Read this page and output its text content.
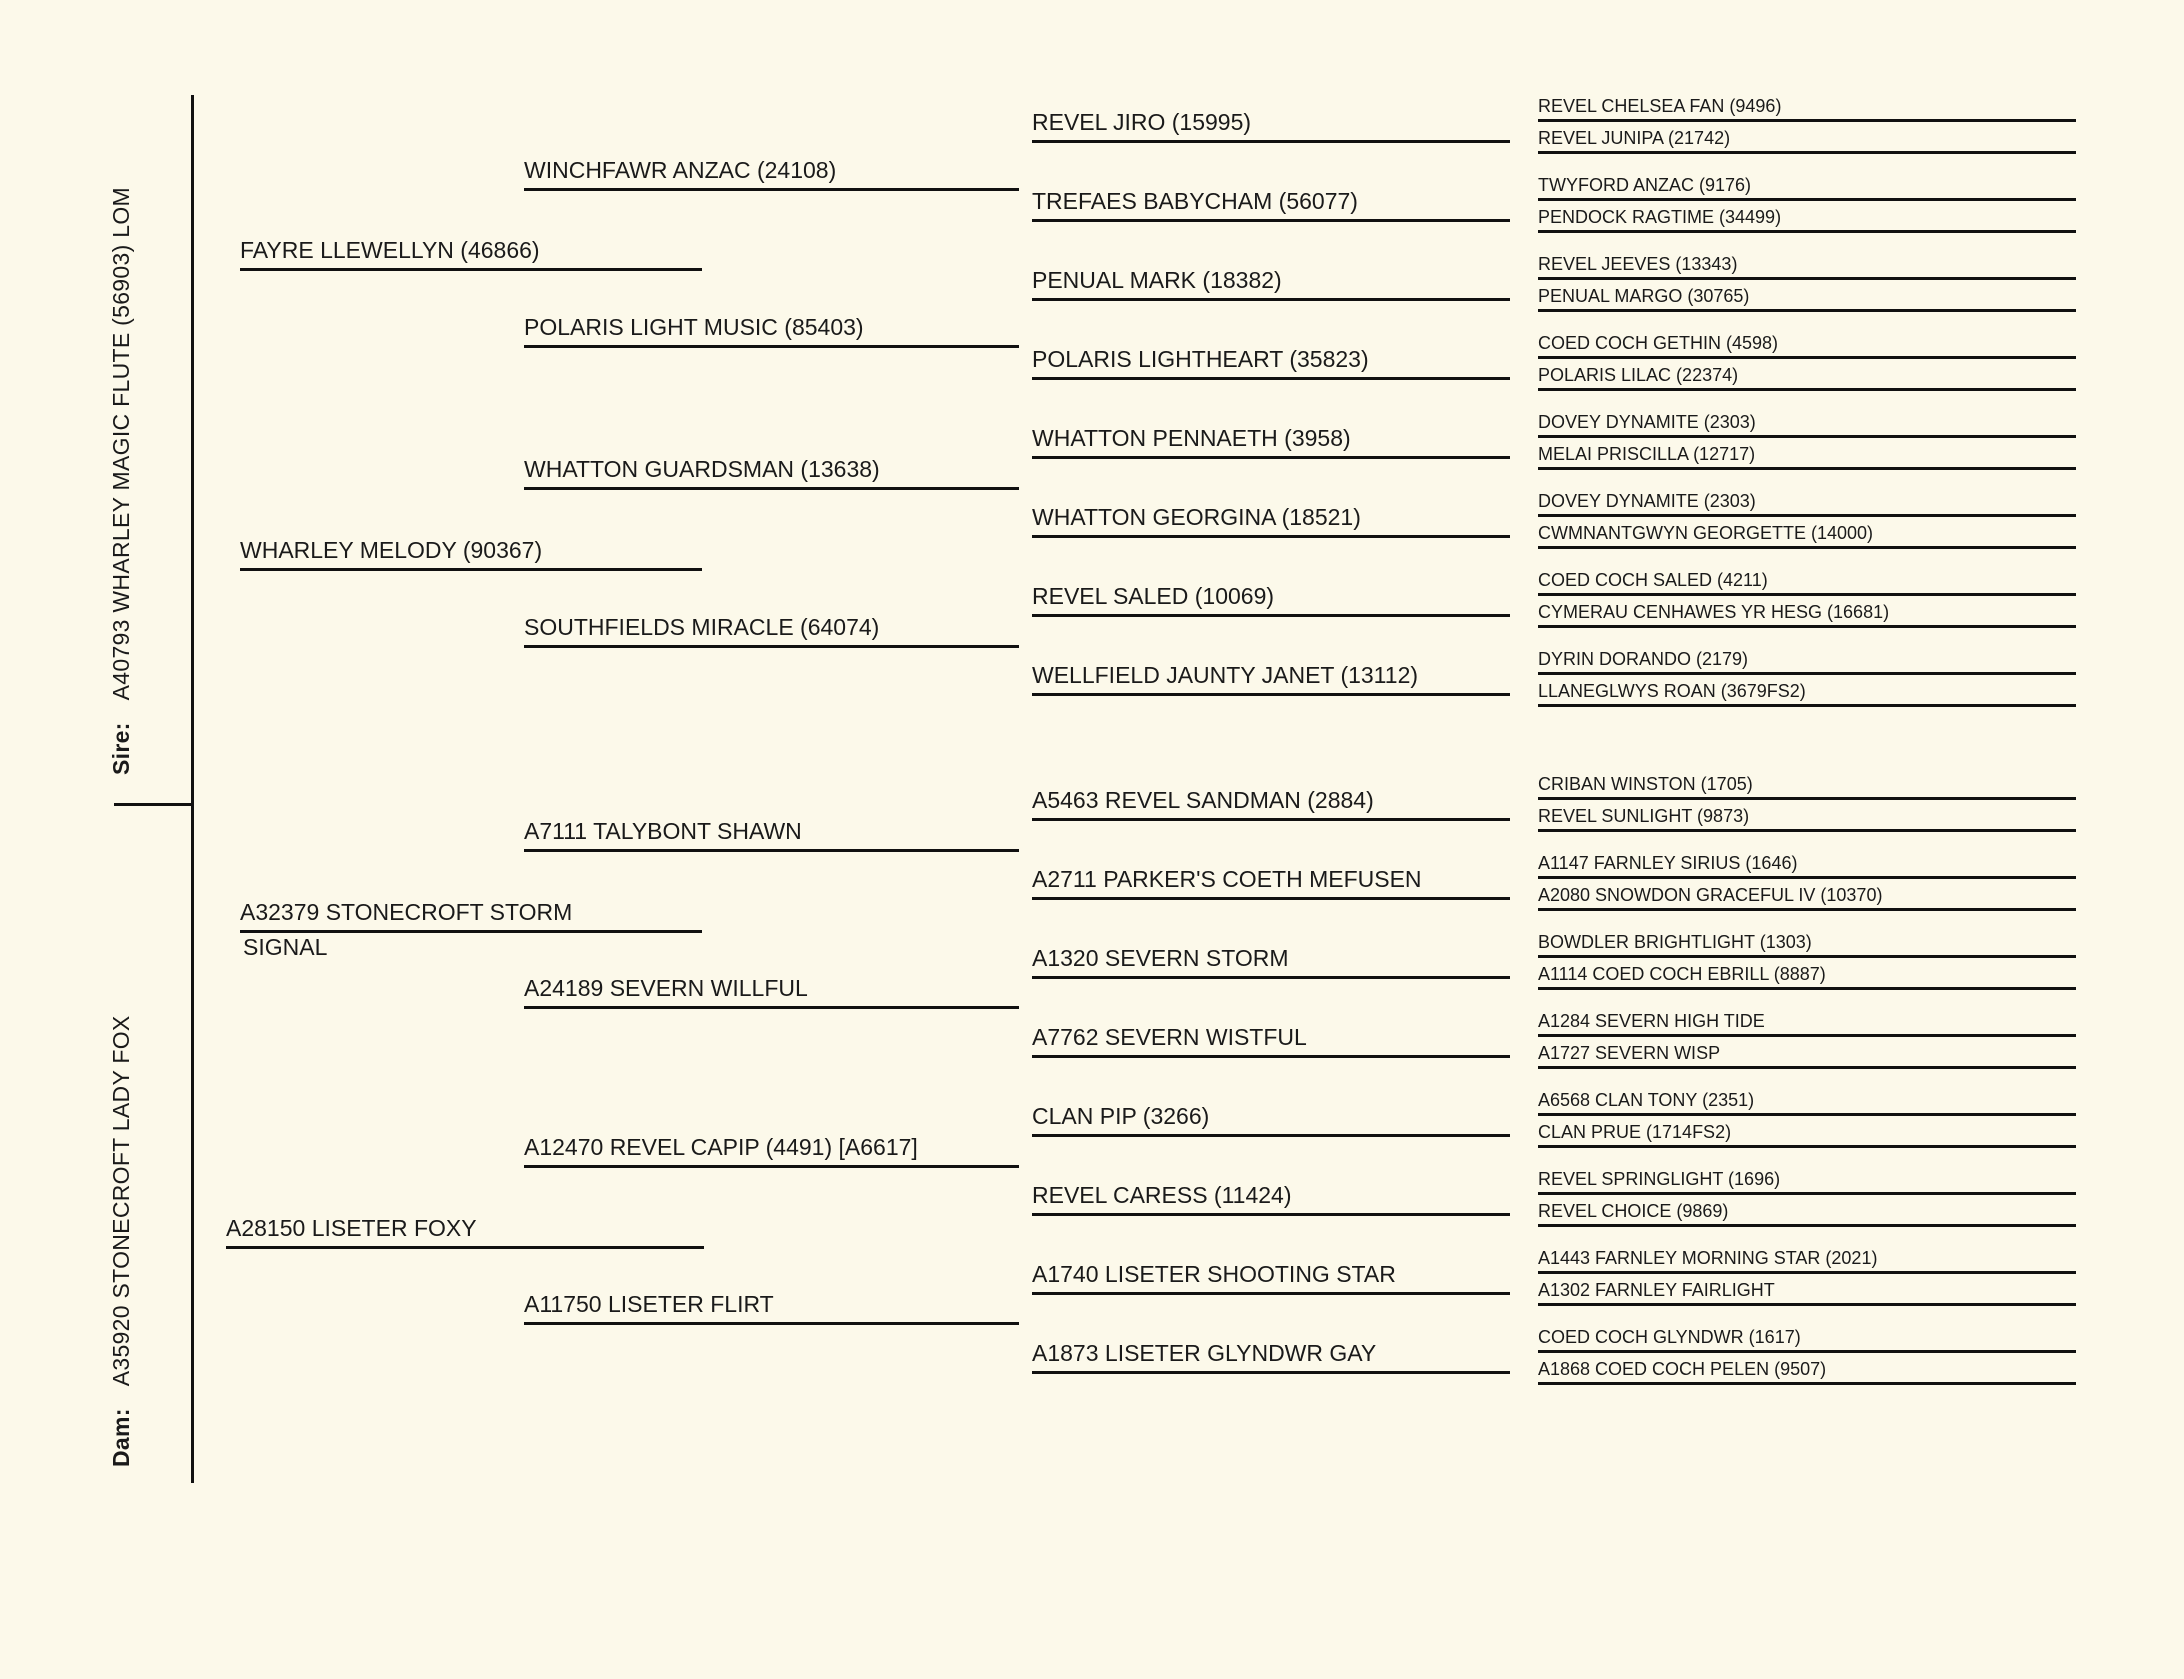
Sire:A40793 WHARLEY MAGIC FLUTE (56903) LOM
Dam:A35920 STONECROFT LADY FOX
FAYRE LLEWELLYN (46866)
WHARLEY MELODY (90367)
A32379 STONECROFT STORM
SIGNAL
A28150 LISETER FOXY
WINCHFAWR ANZAC (24108)
POLARIS LIGHT MUSIC (85403)
WHATTON GUARDSMAN (13638)
SOUTHFIELDS MIRACLE (64074)
A7111 TALYBONT SHAWN
A24189 SEVERN WILLFUL
A12470 REVEL CAPIP (4491) [A6617]
A11750 LISETER FLIRT
REVEL JIRO (15995)
TREFAES BABYCHAM (56077)
PENUAL MARK (18382)
POLARIS LIGHTHEART (35823)
WHATTON PENNAETH (3958)
WHATTON GEORGINA (18521)
REVEL SALED (10069)
WELLFIELD JAUNTY JANET (13112)
A5463 REVEL SANDMAN (2884)
A2711 PARKER'S COETH MEFUSEN
A1320 SEVERN STORM
A7762 SEVERN WISTFUL
CLAN PIP (3266)
REVEL CARESS (11424)
A1740 LISETER SHOOTING STAR
A1873 LISETER GLYNDWR GAY
REVEL CHELSEA FAN (9496)
REVEL JUNIPA (21742)
TWYFORD ANZAC (9176)
PENDOCK RAGTIME (34499)
REVEL JEEVES (13343)
PENUAL MARGO (30765)
COED COCH GETHIN (4598)
POLARIS LILAC (22374)
DOVEY DYNAMITE (2303)
MELAI PRISCILLA (12717)
DOVEY DYNAMITE (2303)
CWMNANTGWYN GEORGETTE (14000)
COED COCH SALED (4211)
CYMERAU CENHAWES YR HESG (16681)
DYRIN DORANDO (2179)
LLANEGLWYS ROAN (3679FS2)
CRIBAN WINSTON (1705)
REVEL SUNLIGHT (9873)
A1147 FARNLEY SIRIUS (1646)
A2080 SNOWDON GRACEFUL IV (10370)
BOWDLER BRIGHTLIGHT (1303)
A1114 COED COCH EBRILL (8887)
A1284 SEVERN HIGH TIDE
A1727 SEVERN WISP
A6568 CLAN TONY (2351)
CLAN PRUE (1714FS2)
REVEL SPRINGLIGHT (1696)
REVEL CHOICE (9869)
A1443 FARNLEY MORNING STAR (2021)
A1302 FARNLEY FAIRLIGHT
COED COCH GLYNDWR (1617)
A1868 COED COCH PELEN (9507)
